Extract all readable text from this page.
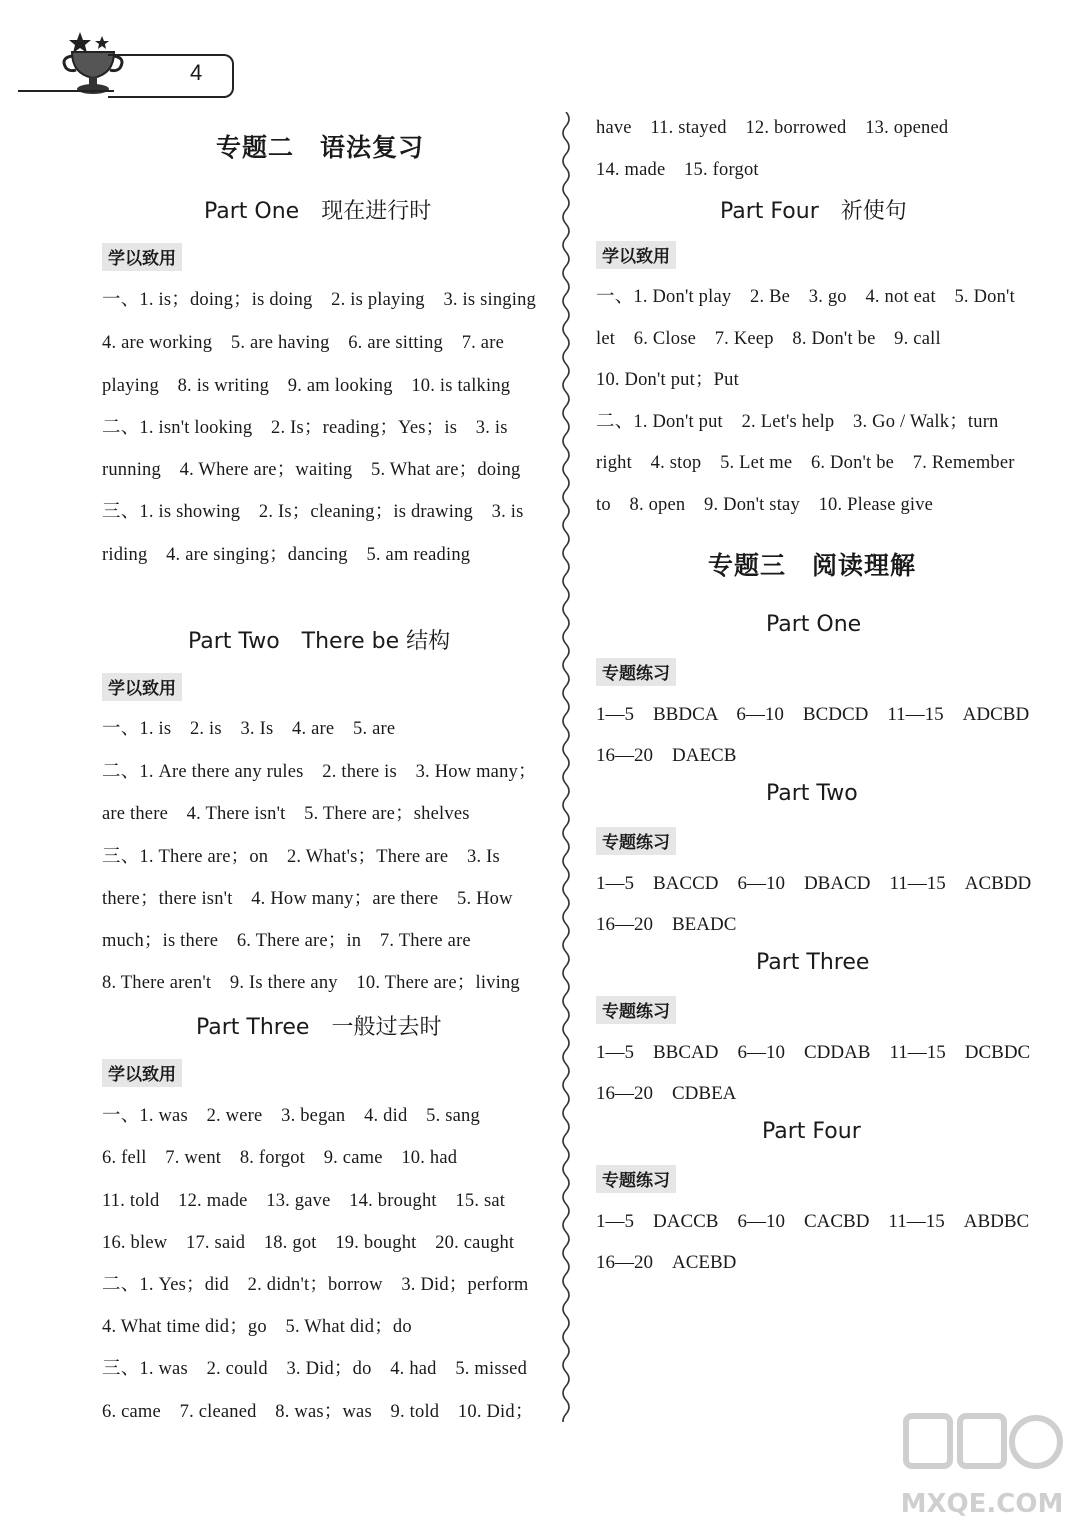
4
专题二　语法复习
Part One　现在进行时
学以致用
一、1. is；doing；is doing　2. is playing　3. is singing
4. are working　5. are having　6. are sitting　7. are
playing　8. is writing　9. am looking　10. is talking
二、1. isn't looking　2. Is；reading；Yes；is　3. is
running　4. Where are；waiting　5. What are；doing
三、1. is showing　2. Is；cleaning；is drawing　3. is
riding　4. are singing；dancing　5. am reading
Part Two　There be 结构
学以致用
一、1. is　2. is　3. Is　4. are　5. are
二、1. Are there any rules　2. there is　3. How many；
are there　4. There isn't　5. There are；shelves
三、1. There are；on　2. What's；There are　3. Is
there；there isn't　4. How many；are there　5. How
much；is there　6. There are；in　7. There are
8. There aren't　9. Is there any　10. There are；living
Part Three　一般过去时
学以致用
一、1. was　2. were　3. began　4. did　5. sang
6. fell　7. went　8. forgot　9. came　10. had
11. told　12. made　13. gave　14. brought　15. sat
16. blew　17. said　18. got　19. bought　20. caught
二、1. Yes；did　2. didn't；borrow　3. Did；perform
4. What time did；go　5. What did；do
三、1. was　2. could　3. Did；do　4. had　5. missed
6. came　7. cleaned　8. was；was　9. told　10. Did；
have　11. stayed　12. borrowed　13. opened
14. made　15. forgot
Part Four　祈使句
学以致用
一、1. Don't play　2. Be　3. go　4. not eat　5. Don't
let　6. Close　7. Keep　8. Don't be　9. call
10. Don't put；Put
二、1. Don't put　2. Let's help　3. Go / Walk；turn
right　4. stop　5. Let me　6. Don't be　7. Remember
to　8. open　9. Don't stay　10. Please give
专题三　阅读理解
Part One
专题练习
1—5　BBDCA　6—10　BCDCD　11—15　ADCBD
16—20　DAECB
Part Two
专题练习
1—5　BACCD　6—10　DBACD　11—15　ACBDD
16—20　BEADC
Part Three
专题练习
1—5　BBCAD　6—10　CDDAB　11—15　DCBDC
16—20　CDBEA
Part Four
专题练习
1—5　DACCB　6—10　CACBD　11—15　ABDBC
16—20　ACEBD
MXQE.COM
